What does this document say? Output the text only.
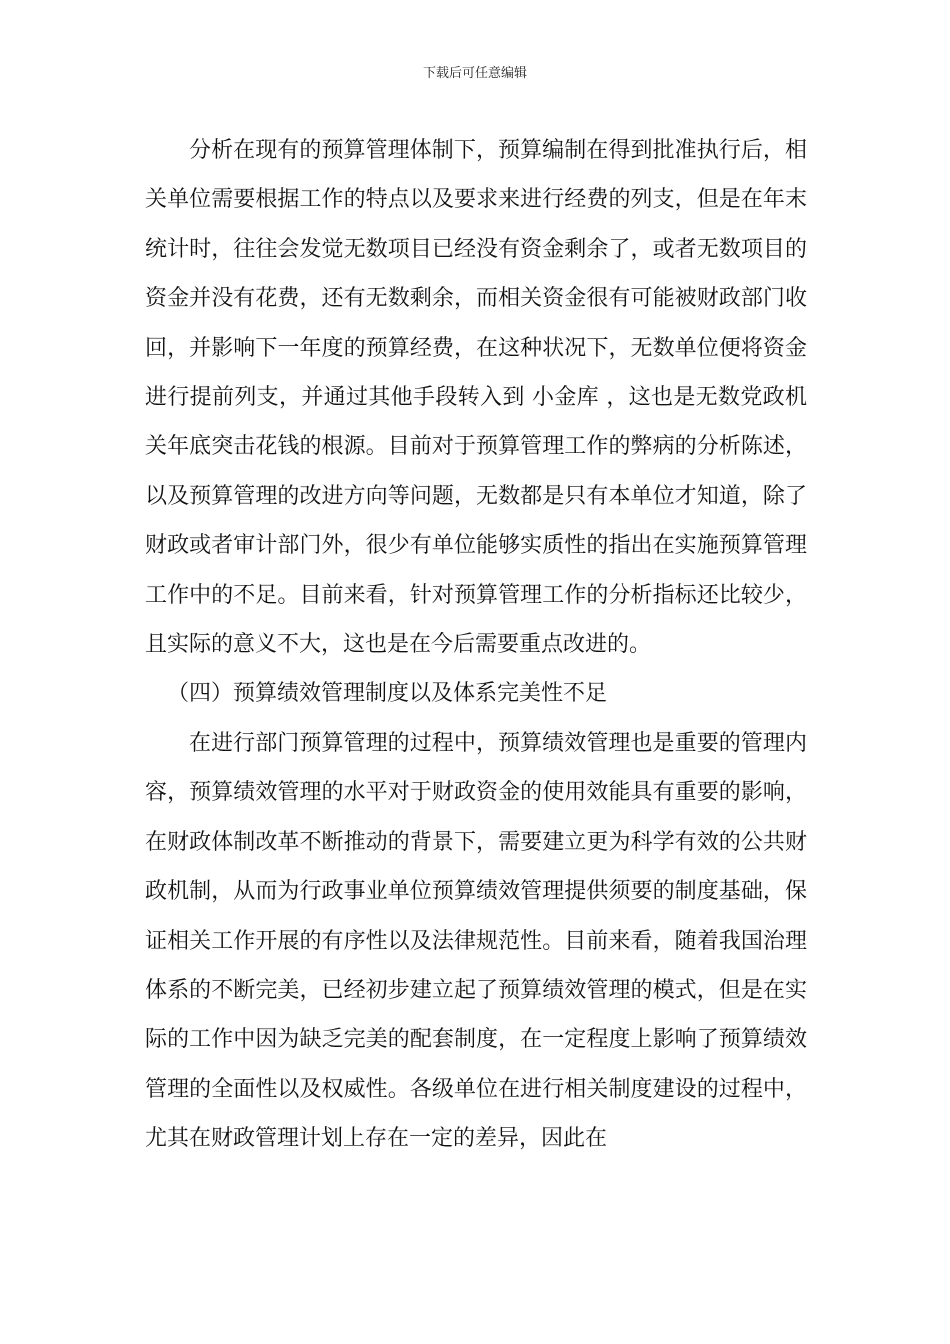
下载后可任意编辑

分析在现有的预算管理体制下，预算编制在得到批准执行后，相关单位需要根据工作的特点以及要求来进行经费的列支，但是在年末统计时，往往会发觉无数项目已经没有资金剩余了，或者无数项目的资金并没有花费，还有无数剩余，而相关资金很有可能被财政部门收回，并影响下一年度的预算经费，在这种状况下，无数单位便将资金进行提前列支，并通过其他手段转入到 小金库 ，这也是无数党政机关年底突击花钱的根源。目前对于预算管理工作的弊病的分析陈述，以及预算管理的改进方向等问题，无数都是只有本单位才知道，除了财政或者审计部门外，很少有单位能够实质性的指出在实施预算管理工作中的不足。目前来看，针对预算管理工作的分析指标还比较少，且实际的意义不大，这也是在今后需要重点改进的。

（四）预算绩效管理制度以及体系完美性不足

在进行部门预算管理的过程中，预算绩效管理也是重要的管理内容，预算绩效管理的水平对于财政资金的使用效能具有重要的影响，在财政体制改革不断推动的背景下，需要建立更为科学有效的公共财政机制，从而为行政事业单位预算绩效管理提供须要的制度基础，保证相关工作开展的有序性以及法律规范性。目前来看，随着我国治理体系的不断完美，已经初步建立起了预算绩效管理的模式，但是在实际的工作中因为缺乏完美的配套制度，在一定程度上影响了预算绩效管理的全面性以及权威性。各级单位在进行相关制度建设的过程中，尤其在财政管理计划上存在一定的差异，因此在
